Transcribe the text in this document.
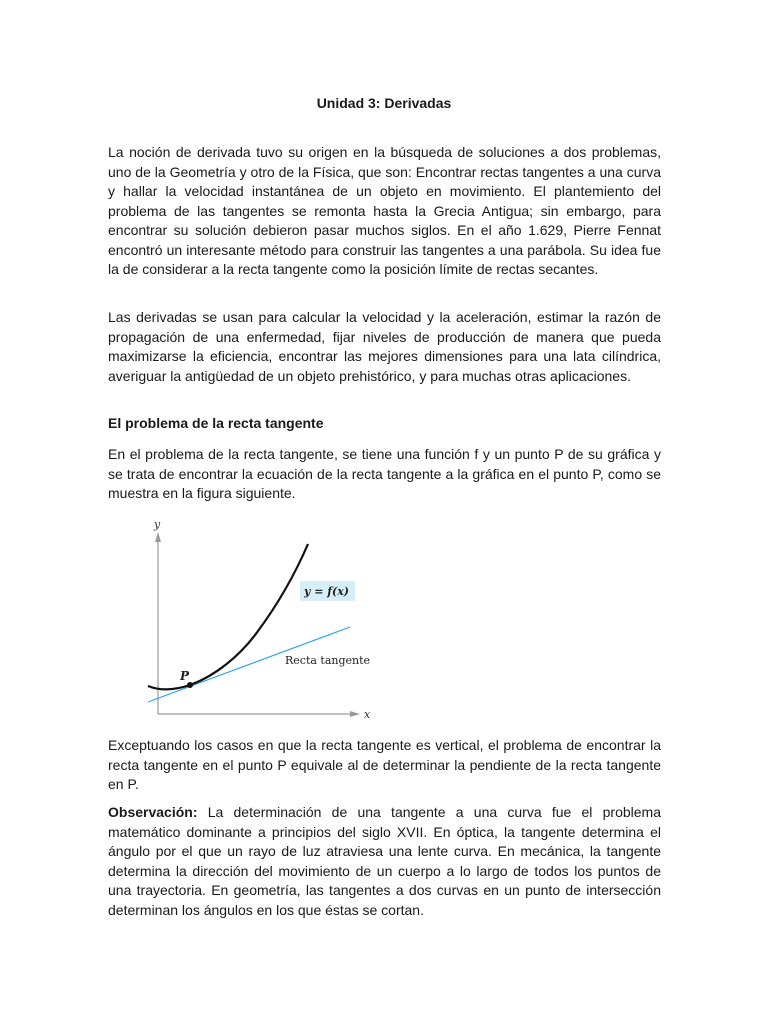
Unidad 3: Derivadas

La noción de derivada tuvo su origen en la búsqueda de soluciones a dos problemas, uno de la Geometría y otro de la Física, que son: Encontrar rectas tangentes a una curva y hallar la velocidad instantánea de un objeto en movimiento. El plantemiento del problema de las tangentes se remonta hasta la Grecia Antigua; sin embargo, para encontrar su solución debieron pasar muchos siglos. En el año 1.629, Pierre Fennat encontró un interesante método para construir las tangentes a una parábola. Su idea fue la de considerar a la recta tangente como la posición límite de rectas secantes.

Las derivadas se usan para calcular la velocidad y la aceleración, estimar la razón de propagación de una enfermedad, fijar niveles de producción de manera que pueda maximizarse la eficiencia, encontrar las mejores dimensiones para una lata cilíndrica, averiguar la antigüedad de un objeto prehistórico, y para muchas otras aplicaciones.

El problema de la recta tangente

En el problema de la recta tangente, se tiene una función f y un punto P de su gráfica y se trata de encontrar la ecuación de la recta tangente a la gráfica en el punto P, como se muestra en la figura siguiente.

y
x
P
y = f(x)
Recta tangente

Exceptuando los casos en que la recta tangente es vertical, el problema de encontrar la recta tangente en el punto P equivale al de determinar la pendiente de la recta tangente en P.

Observación: La determinación de una tangente a una curva fue el problema matemático dominante a principios del siglo XVII. En óptica, la tangente determina el ángulo por el que un rayo de luz atraviesa una lente curva. En mecánica, la tangente determina la dirección del movimiento de un cuerpo a lo largo de todos los puntos de una trayectoria. En geometría, las tangentes a dos curvas en un punto de intersección determinan los ángulos en los que éstas se cortan.
